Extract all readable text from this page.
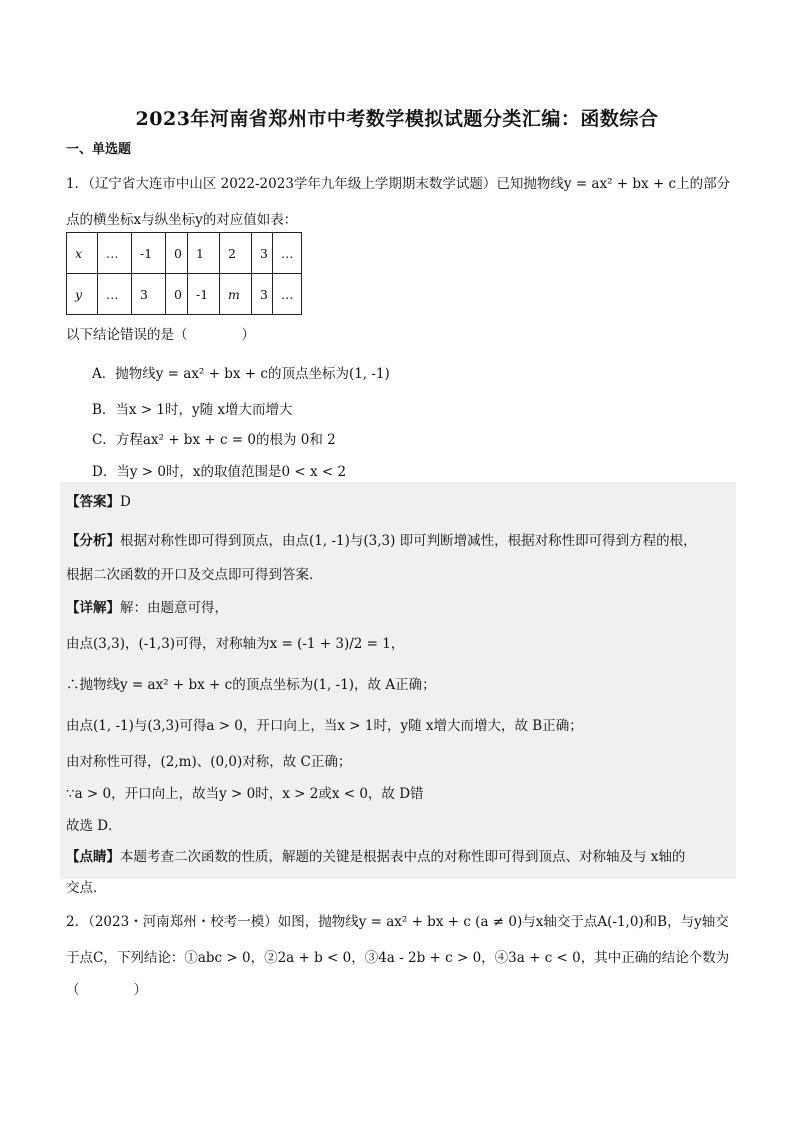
2023年河南省郑州市中考数学模拟试题分类汇编：函数综合
一、单选题
1．（辽宁省大连市中山区 2022-2023学年九年级上学期期末数学试题）已知抛物线y = ax² + bx + c上的部分
点的横坐标x与纵坐标y的对应值如表：
x	…	-1	0	1	2	3	…
y	…	3	0	-1	m	3	…
以下结论错误的是（　　　　）
A．抛物线y = ax² + bx + c的顶点坐标为(1, -1)
B．当x > 1时，y随 x增大而增大
C．方程ax² + bx + c = 0的根为 0和 2
D．当y > 0时，x的取值范围是0 < x < 2
【答案】D
【分析】根据对称性即可得到顶点，由点(1, -1)与(3,3) 即可判断增减性，根据对称性即可得到方程的根，
根据二次函数的开口及交点即可得到答案．
【详解】解：由题意可得，
由点(3,3)，(-1,3)可得，对称轴为x = (-1 + 3)/2 = 1，
∴抛物线y = ax² + bx + c的顶点坐标为(1, -1)，故 A正确；
由点(1, -1)与(3,3)可得a > 0，开口向上，当x > 1时，y随 x增大而增大，故 B正确；
由对称性可得，(2,m)、(0,0)对称，故 C正确；
∵a > 0，开口向上，故当y > 0时，x > 2或x < 0，故 D错
故选 D．
【点睛】本题考查二次函数的性质，解题的关键是根据表中点的对称性即可得到顶点、对称轴及与 x轴的
交点．
2．（2023・河南郑州・校考一模）如图，抛物线y = ax² + bx + c (a ≠ 0)与x轴交于点A(-1,0)和B，与y轴交
于点C，下列结论：①abc > 0，②2a + b < 0，③4a - 2b + c > 0，④3a + c < 0，其中正确的结论个数为
（　　　　）
